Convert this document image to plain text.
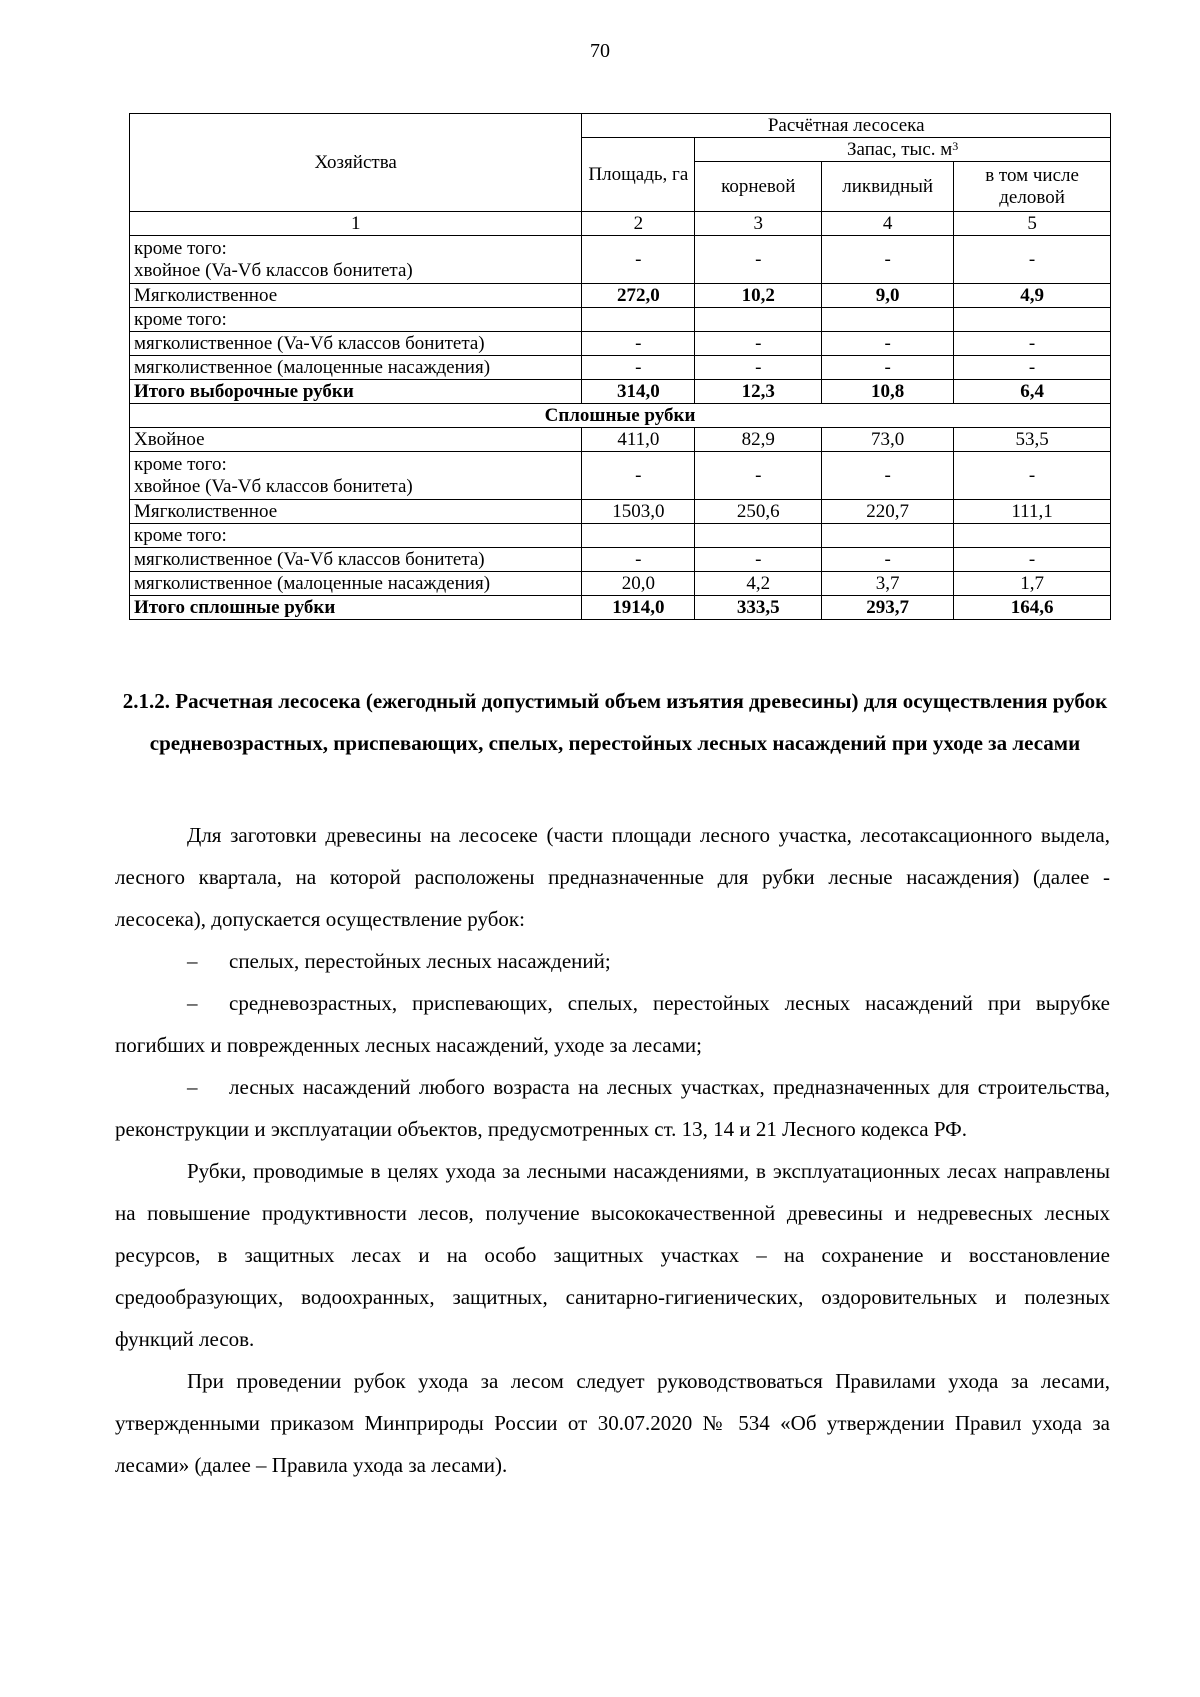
70
Хозяйства	Расчётная лесосека			
	Площадь, га	Запас, тыс. $м^3$
		корневой	ликвидный	в том числе деловой
1	2	3	4	5
кроме того:
хвойное (Va-Vб классов бонитета)	-	-	-	-
Мягколиственное	272,0	10,2	9,0	4,9
кроме того:				
мягколиственное (Va-Vб классов бонитета)	-	-	-	-
мягколиственное (малоценные насаждения)	-	-	-	-
Итого выборочные рубки	314,0	12,3	10,8	6,4
Сплошные рубки				
Хвойное	411,0	82,9	73,0	53,5
кроме того:
хвойное (Va-Vб классов бонитета)	-	-	-	-
Мягколиственное	1503,0	250,6	220,7	111,1
кроме того:				
мягколиственное (Va-Vб классов бонитета)	-	-	-	-
мягколиственное (малоценные насаждения)	20,0	4,2	3,7	1,7
Итого сплошные рубки	1914,0	333,5	293,7	164,6
2.1.2. Расчетная лесосека (ежегодный допустимый объем изъятия древесины) для осуществления рубок средневозрастных, приспевающих, спелых, перестойных лесных насаждений при уходе за лесами

Для заготовки древесины на лесосеке (части площади лесного участка, лесотаксационного выдела, лесного квартала, на которой расположены предназначенные для рубки лесные насаждения) (далее - лесосека), допускается осуществление рубок:

– спелых, перестойных лесных насаждений;

– средневозрастных, приспевающих, спелых, перестойных лесных насаждений при вырубке погибших и поврежденных лесных насаждений, уходе за лесами;

– лесных насаждений любого возраста на лесных участках, предназначенных для строительства, реконструкции и эксплуатации объектов, предусмотренных ст. 13, 14 и 21 Лесного кодекса РФ.

Рубки, проводимые в целях ухода за лесными насаждениями, в эксплуатационных лесах направлены на повышение продуктивности лесов, получение высококачественной древесины и недревесных лесных ресурсов, в защитных лесах и на особо защитных участках – на сохранение и восстановление средообразующих, водоохранных, защитных, санитарно-гигиенических, оздоровительных и полезных функций лесов.

При проведении рубок ухода за лесом следует руководствоваться Правилами ухода за лесами, утвержденными приказом Минприроды России от 30.07.2020 № 534 «Об утверждении Правил ухода за лесами» (далее – Правила ухода за лесами).
